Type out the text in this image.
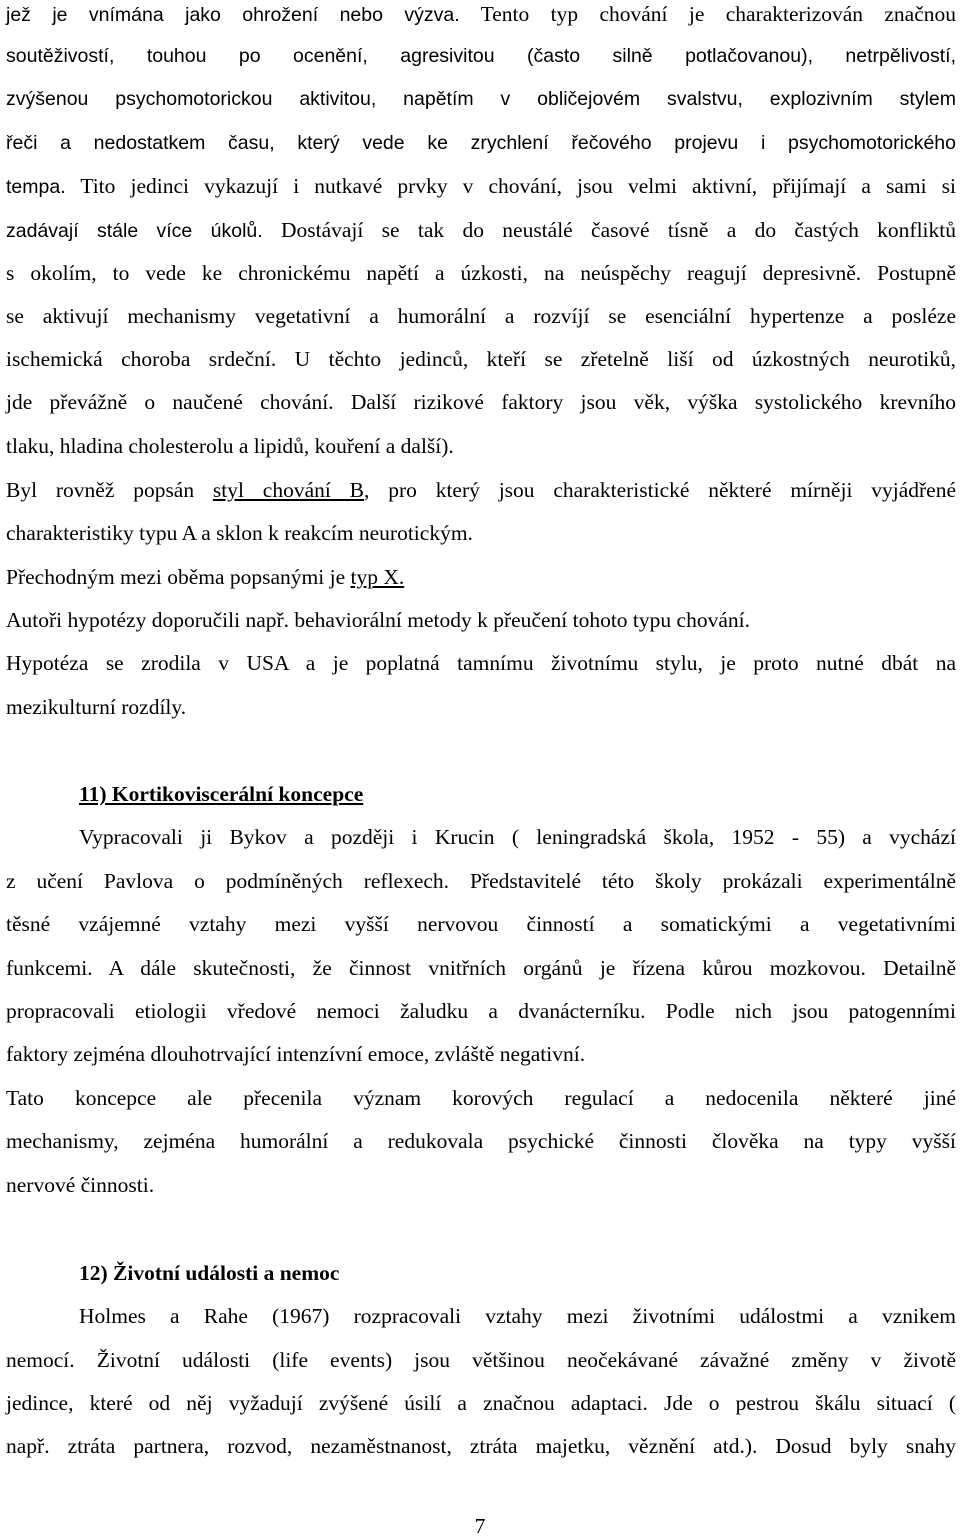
jež je vnímána jako ohrožení nebo výzva. Tento typ chování je charakterizován značnou
soutěživostí, touhou po ocenění, agresivitou (často silně potlačovanou), netrpělivostí,
zvýšenou psychomotorickou aktivitou, napětím v obličejovém svalstvu, explozivním stylem
řeči a nedostatkem času, který vede ke zrychlení řečového projevu i psychomotorického
tempa. Tito jedinci vykazují i nutkavé prvky v chování, jsou velmi aktivní, přijímají a sami si
zadávají stále více úkolů. Dostávají se tak do neustálé časové tísně a do častých konfliktů
s okolím, to vede ke chronickému napětí a úzkosti, na neúspěchy reagují depresivně. Postupně
se aktivují mechanismy vegetativní a humorální a rozvíjí se esenciální hypertenze a posléze
ischemická choroba srdeční. U těchto jedinců, kteří se zřetelně liší od úzkostných neurotiků,
jde převážně o naučené chování. Další rizikové faktory jsou věk, výška systolického krevního
tlaku, hladina cholesterolu a lipidů, kouření a další).
Byl rovněž popsán styl chování B, pro který jsou charakteristické některé mírněji vyjádřené
charakteristiky typu A a sklon k reakcím neurotickým.
Přechodným mezi oběma popsanými je typ X.
Autoři hypotézy doporučili např. behaviorální metody k přeučení tohoto typu chování.
Hypotéza se zrodila v USA a je poplatná tamnímu životnímu stylu, je proto nutné dbát na
mezikulturní rozdíly.
11) Kortikoviscerální koncepce
Vypracovali ji Bykov a později i Krucin ( leningradská škola, 1952 - 55) a vychází
z učení Pavlova o podmíněných reflexech. Představitelé této školy prokázali experimentálně
těsné vzájemné vztahy mezi vyšší nervovou činností a somatickými a vegetativními
funkcemi. A dále skutečnosti, že činnost vnitřních orgánů je řízena kůrou mozkovou. Detailně
propracovali etiologii vředové nemoci žaludku a dvanácterníku. Podle nich jsou patogenními
faktory zejména dlouhotrvající intenzívní emoce, zvláště negativní.
Tato koncepce ale přecenila význam korových regulací a nedocenila některé jiné
mechanismy, zejména humorální a redukovala psychické činnosti člověka na typy vyšší
nervové činnosti.
12) Životní události a nemoc
Holmes a Rahe (1967) rozpracovali vztahy mezi životními událostmi a vznikem
nemocí. Životní události (life events) jsou většinou neočekávané závažné změny v životě
jedince, které od něj vyžadují zvýšené úsilí a značnou adaptaci. Jde o pestrou škálu situací (
např. ztráta partnera, rozvod, nezaměstnanost, ztráta majetku, věznění atd.). Dosud byly snahy
7
